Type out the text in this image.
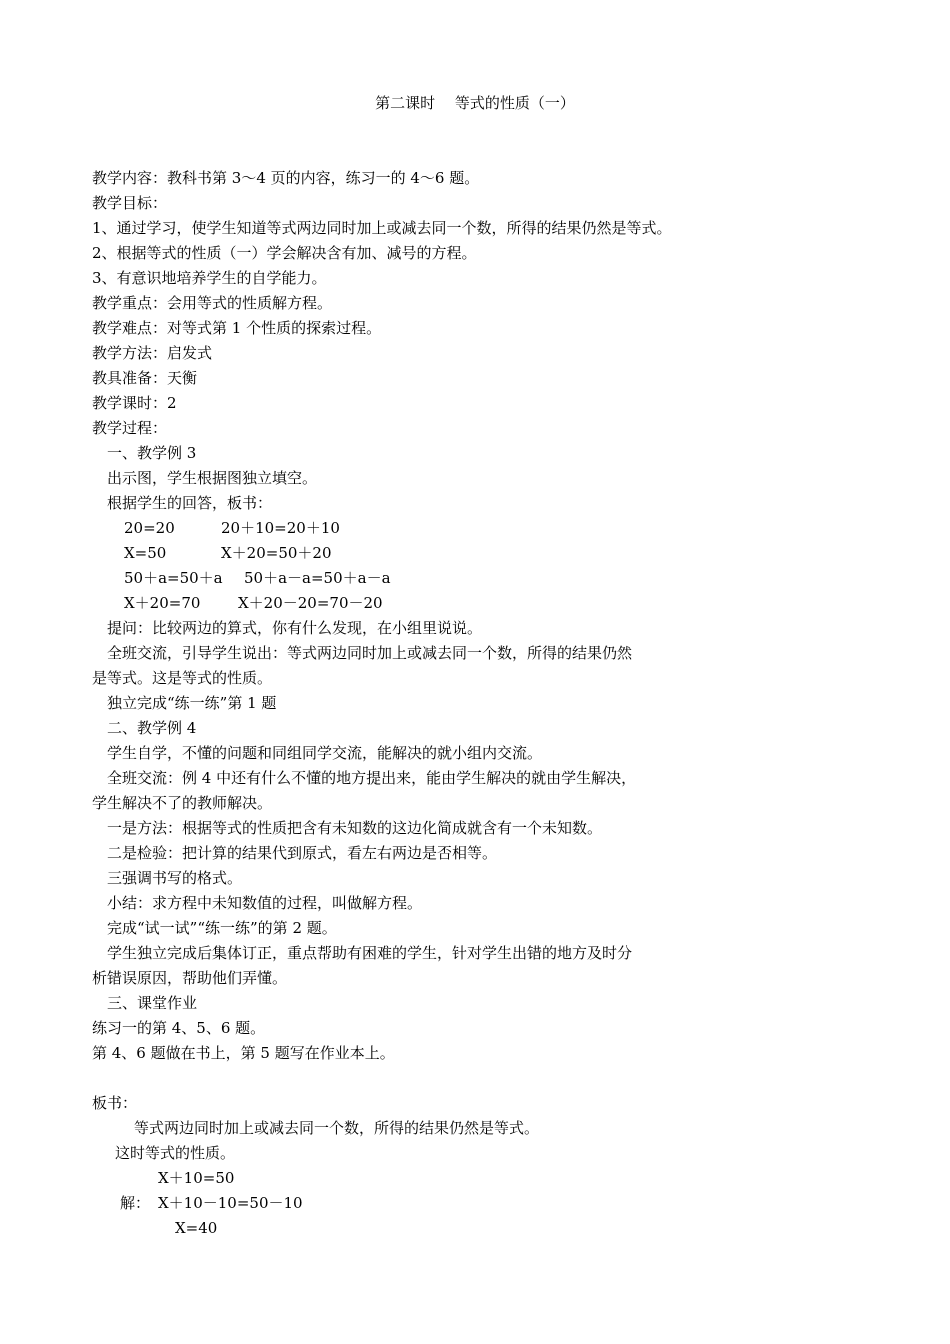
第二课时　 等式的性质（一）
教学内容：教科书第 3～4 页的内容，练习一的 4～6 题。
教学目标：
1、通过学习，使学生知道等式两边同时加上或减去同一个数，所得的结果仍然是等式。
2、根据等式的性质（一）学会解决含有加、减号的方程。
3、有意识地培养学生的自学能力。
教学重点：会用等式的性质解方程。
教学难点：对等式第 1 个性质的探索过程。
教学方法：启发式
教具准备：天衡
教学课时：2
教学过程：
一、教学例 3
出示图，学生根据图独立填空。
根据学生的回答，板书：
20=20	20＋10=20＋10
X=50	X＋20=50＋20
50＋a=50＋a 50＋a－a=50＋a－a
X＋20=70	X＋20－20=70－20
提问：比较两边的算式，你有什么发现，在小组里说说。
全班交流，引导学生说出：等式两边同时加上或减去同一个数，所得的结果仍然
是等式。这是等式的性质。
独立完成“练一练”第 1 题
二、教学例 4
学生自学，不懂的问题和同组同学交流，能解决的就小组内交流。
全班交流：例 4 中还有什么不懂的地方提出来，能由学生解决的就由学生解决，
学生解决不了的教师解决。
一是方法：根据等式的性质把含有未知数的这边化简成就含有一个未知数。
二是检验：把计算的结果代到原式，看左右两边是否相等。
三强调书写的格式。
小结：求方程中未知数值的过程，叫做解方程。
完成“试一试”“练一练”的第 2 题。
学生独立完成后集体订正，重点帮助有困难的学生，针对学生出错的地方及时分
析错误原因，帮助他们弄懂。
三、课堂作业
练习一的第 4、5、6 题。
第 4、6 题做在书上，第 5 题写在作业本上。
板书：
等式两边同时加上或减去同一个数，所得的结果仍然是等式。
这时等式的性质。
X＋10=50
解： X＋10－10=50－10
X=40
